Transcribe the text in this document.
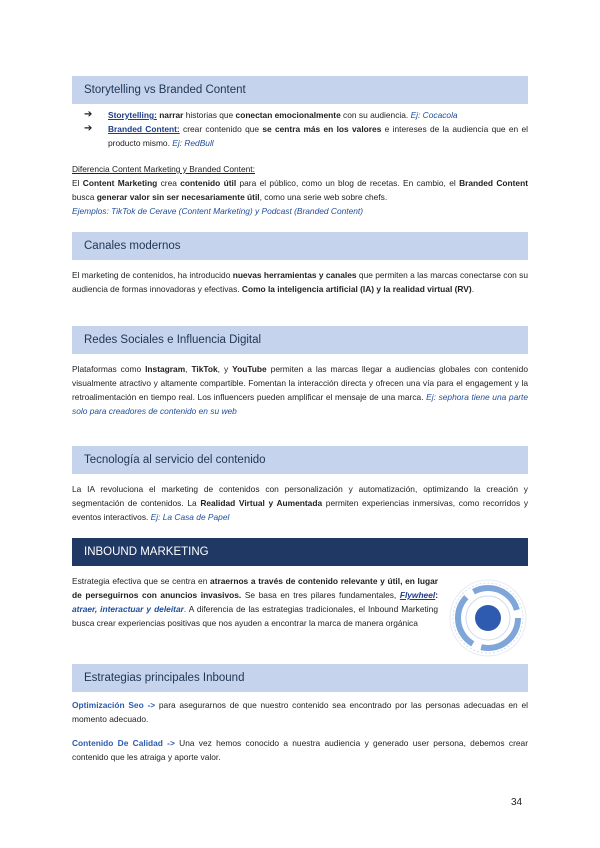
Storytelling vs Branded Content
➔ Storytelling: narrar historias que conectan emocionalmente con su audiencia. Ej: Cocacola
➔ Branded Content: crear contenido que se centra más en los valores e intereses de la audiencia que en el producto mismo. Ej: RedBull
Diferencia Content Marketing y Branded Content:
El Content Marketing crea contenido útil para el público, como un blog de recetas. En cambio, el Branded Content busca generar valor sin ser necesariamente útil, como una serie web sobre chefs.
Ejemplos: TikTok de Cerave (Content Marketing) y Podcast (Branded Content)
Canales modernos
El marketing de contenidos, ha introducido nuevas herramientas y canales que permiten a las marcas conectarse con su audiencia de formas innovadoras y efectivas. Como la inteligencia artificial (IA) y la realidad virtual (RV).
Redes Sociales e Influencia Digital
Plataformas como Instagram, TikTok, y YouTube permiten a las marcas llegar a audiencias globales con contenido visualmente atractivo y altamente compartible. Fomentan la interacción directa y ofrecen una vía para el engagement y la retroalimentación en tiempo real. Los influencers pueden amplificar el mensaje de una marca. Ej: sephora tiene una parte solo para creadores de contenido en su web
Tecnología al servicio del contenido
La IA revoluciona el marketing de contenidos con personalización y automatización, optimizando la creación y segmentación de contenidos. La Realidad Virtual y Aumentada permiten experiencias inmersivas, como recorridos y eventos interactivos. Ej: La Casa de Papel
INBOUND MARKETING
Estrategia efectiva que se centra en atraernos a través de contenido relevante y útil, en lugar de perseguirnos con anuncios invasivos. Se basa en tres pilares fundamentales, Flywheel: atraer, interactuar y deleitar. A diferencia de las estrategias tradicionales, el Inbound Marketing busca crear experiencias positivas que nos ayuden a encontrar la marca de manera orgánica
Estrategias principales Inbound
Optimización Seo -> para asegurarnos de que nuestro contenido sea encontrado por las personas adecuadas en el momento adecuado.
Contenido De Calidad -> Una vez hemos conocido a nuestra audiencia y generado user persona, debemos crear contenido que les atraiga y aporte valor.
34
